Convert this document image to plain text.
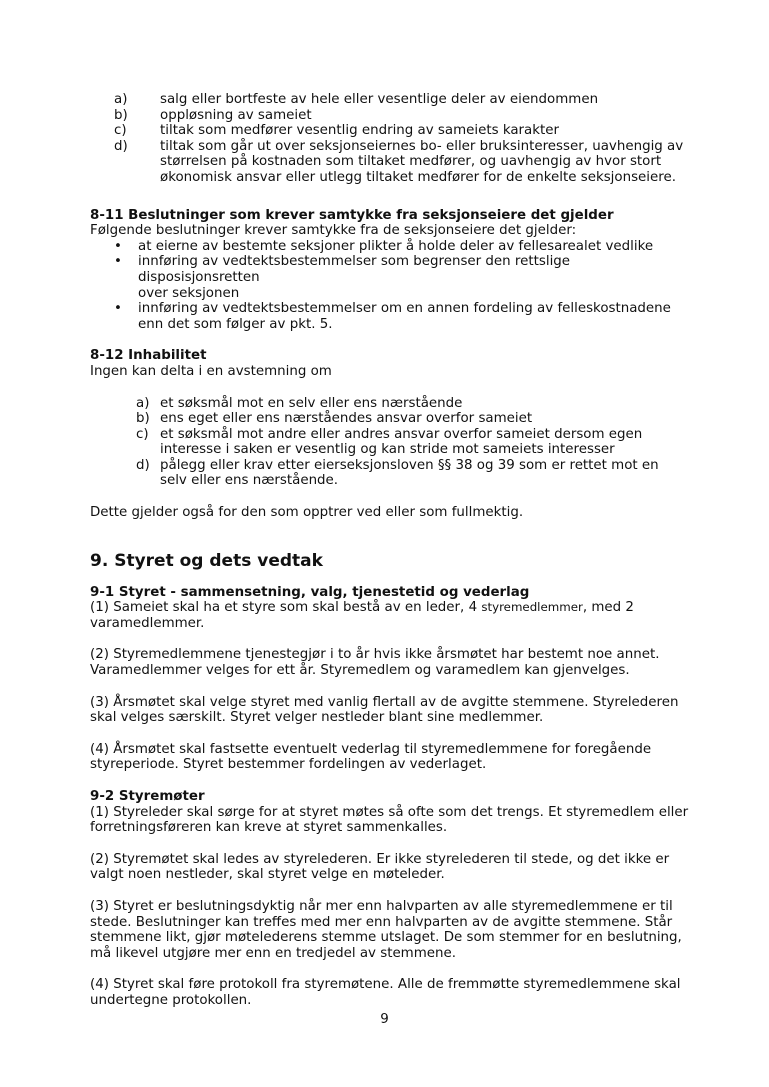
a) salg eller bortfeste av hele eller vesentlige deler av eiendommen
b) oppløsning av sameiet
c) tiltak som medfører vesentlig endring av sameiets karakter
d) tiltak som går ut over seksjonseiernes bo- eller bruksinteresser, uavhengig av
størrelsen på kostnaden som tiltaket medfører, og uavhengig av hvor stort
økonomisk ansvar eller utlegg tiltaket medfører for de enkelte seksjonseiere.

8-11 Beslutninger som krever samtykke fra seksjonseiere det gjelder

Følgende beslutninger krever samtykke fra de seksjonseiere det gjelder:

• at eierne av bestemte seksjoner plikter å holde deler av fellesarealet vedlike
• innføring av vedtektsbestemmelser som begrenser den rettslige disposisjonsretten
over seksjonen
• innføring av vedtektsbestemmelser om en annen fordeling av felleskostnadene
enn det som følger av pkt. 5.

8-12 Inhabilitet

Ingen kan delta i en avstemning om

a) et søksmål mot en selv eller ens nærstående
b) ens eget eller ens nærståendes ansvar overfor sameiet
c) et søksmål mot andre eller andres ansvar overfor sameiet dersom egen
interesse i saken er vesentlig og kan stride mot sameiets interesser
d) pålegg eller krav etter eierseksjonsloven §§ 38 og 39 som er rettet mot en
selv eller ens nærstående.

Dette gjelder også for den som opptrer ved eller som fullmektig.

9. Styret og dets vedtak

9-1 Styret - sammensetning, valg, tjenestetid og vederlag

(1) Sameiet skal ha et styre som skal bestå av en leder, 4 styremedlemmer, med 2
varamedlemmer.

(2) Styremedlemmene tjenestegjør i to år hvis ikke årsmøtet har bestemt noe annet.
Varamedlemmer velges for ett år. Styremedlem og varamedlem kan gjenvelges.

(3) Årsmøtet skal velge styret med vanlig flertall av de avgitte stemmene. Styrelederen
skal velges særskilt. Styret velger nestleder blant sine medlemmer.

(4) Årsmøtet skal fastsette eventuelt vederlag til styremedlemmene for foregående
styreperiode. Styret bestemmer fordelingen av vederlaget.

9-2 Styremøter

(1) Styreleder skal sørge for at styret møtes så ofte som det trengs. Et styremedlem eller
forretningsføreren kan kreve at styret sammenkalles.

(2) Styremøtet skal ledes av styrelederen. Er ikke styrelederen til stede, og det ikke er
valgt noen nestleder, skal styret velge en møteleder.

(3) Styret er beslutningsdyktig når mer enn halvparten av alle styremedlemmene er til
stede. Beslutninger kan treffes med mer enn halvparten av de avgitte stemmene. Står
stemmene likt, gjør møtelederens stemme utslaget. De som stemmer for en beslutning,
må likevel utgjøre mer enn en tredjedel av stemmene.

(4) Styret skal føre protokoll fra styremøtene. Alle de fremmøtte styremedlemmene skal
undertegne protokollen.

9
